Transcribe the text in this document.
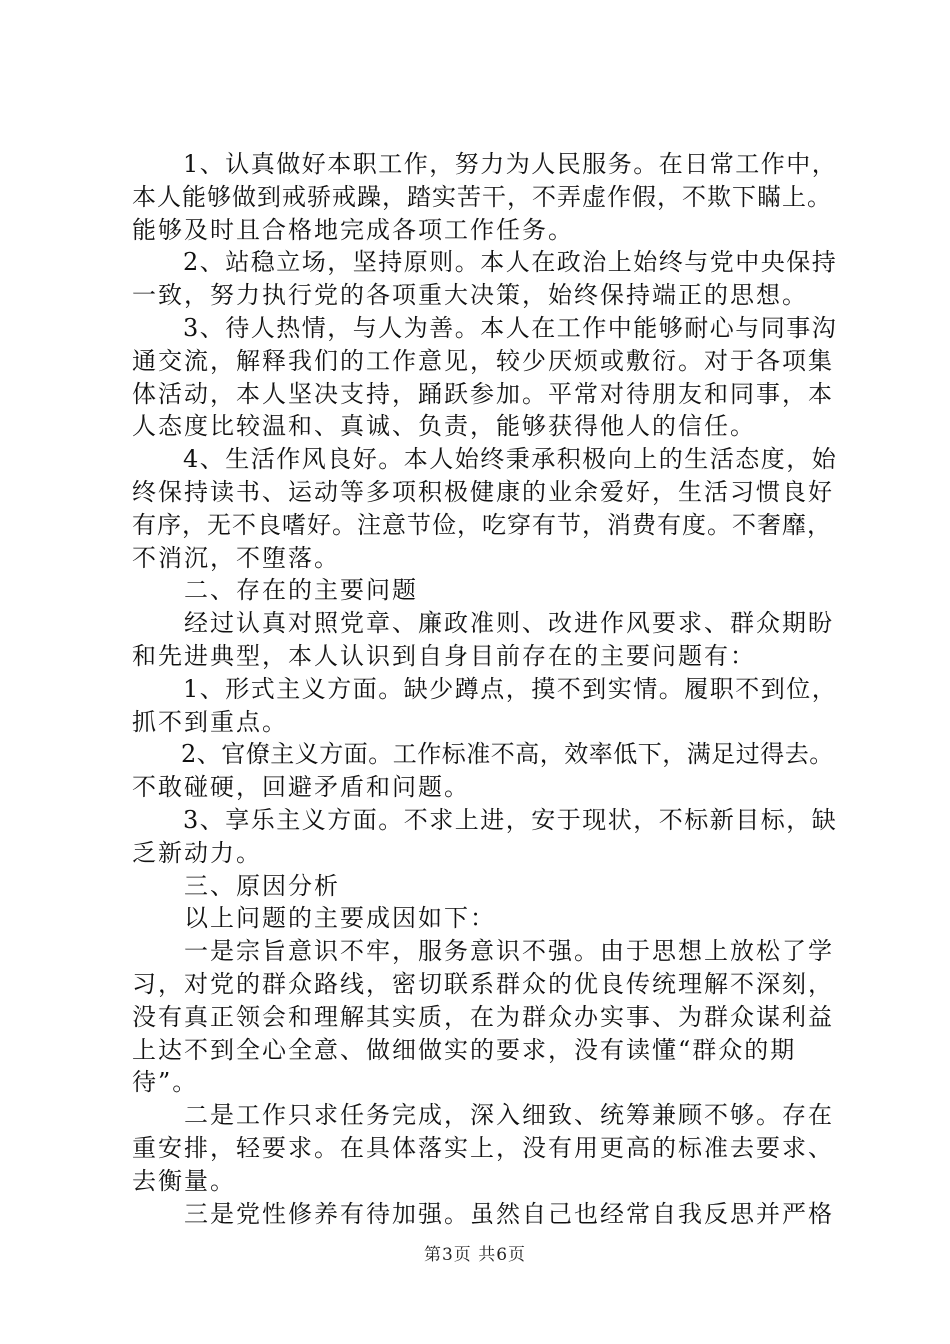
　　1、认真做好本职工作，努力为人民服务。在日常工作中，
本人能够做到戒骄戒躁，踏实苦干，不弄虚作假，不欺下瞞上。
能够及时且合格地完成各项工作任务。
　　2、站稳立场，坚持原则。本人在政治上始终与党中央保持
一致，努力执行党的各项重大决策，始终保持端正的思想。
　　3、待人热情，与人为善。本人在工作中能够耐心与同事沟
通交流，解释我们的工作意见，较少厌烦或敷衍。对于各项集
体活动，本人坚决支持，踊跃参加。平常对待朋友和同事，本
人态度比较温和、真诚、负责，能够获得他人的信任。
　　4、生活作风良好。本人始终秉承积极向上的生活态度，始
终保持读书、运动等多项积极健康的业余爱好，生活习惯良好
有序，无不良嗜好。注意节俭，吃穿有节，消费有度。不奢靡，
不消沉，不堕落。
　　二、存在的主要问题
　　经过认真对照党章、廉政准则、改进作风要求、群众期盼
和先进典型，本人认识到自身目前存在的主要问题有：
　　1、形式主义方面。缺少蹲点，摸不到实情。履职不到位，
抓不到重点。
　　2、官僚主义方面。工作标准不高，效率低下，满足过得去。
不敢碰硬，回避矛盾和问题。
　　3、享乐主义方面。不求上进，安于现状，不标新目标，缺
乏新动力。
　　三、原因分析
　　以上问题的主要成因如下：
　　一是宗旨意识不牢，服务意识不强。由于思想上放松了学
习，对党的群众路线，密切联系群众的优良传统理解不深刻，
没有真正领会和理解其实质，在为群众办实事、为群众谋利益
上达不到全心全意、做细做实的要求，没有读懂“群众的期
待”。
　　二是工作只求任务完成，深入细致、统筹兼顾不够。存在
重安排，轻要求。在具体落实上，没有用更高的标准去要求、
去衡量。
　　三是党性修养有待加强。虽然自己也经常自我反思并严格
第3页 共6页
